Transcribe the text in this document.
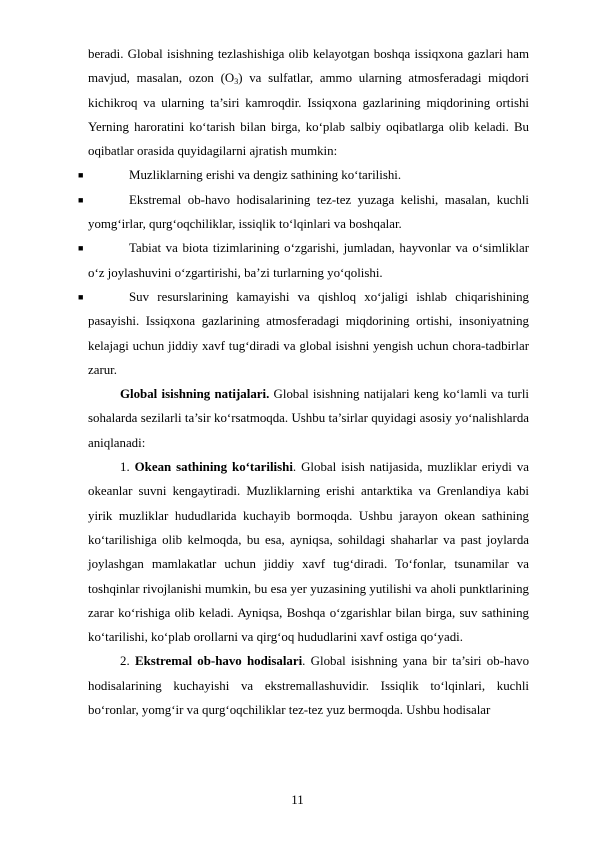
beradi. Global isishning tezlashishiga olib kelayotgan boshqa issiqxona gazlari ham mavjud, masalan, ozon $(O_3)$ va sulfatlar, ammo ularning atmosferadagi miqdori kichikroq va ularning ta’siri kamroqdir. Issiqxona gazlarining miqdorining ortishi Yerning haroratini ko‘tarish bilan birga, ko‘plab salbiy oqibatlarga olib keladi. Bu oqibatlar orasida quyidagilarni ajratish mumkin:

■	Muzliklarning erishi va dengiz sathining ko‘tarilishi.

■	Ekstremal ob-havo hodisalarining tez-tez yuzaga kelishi, masalan, kuchli yomg‘irlar, qurg‘oqchiliklar, issiqlik to‘lqinlari va boshqalar.

■	Tabiat va biota tizimlarining o‘zgarishi, jumladan, hayvonlar va o‘simliklar o‘z joylashuvini o‘zgartirishi, ba’zi turlarning yo‘qolishi.

■	Suv resurslarining kamayishi va qishloq xo‘jaligi ishlab chiqarishining pasayishi. Issiqxona gazlarining atmosferadagi miqdorining ortishi, insoniyatning kelajagi uchun jiddiy xavf tug‘diradi va global isishni yengish uchun chora-tadbirlar zarur.

Global isishning natijalari. Global isishning natijalari keng ko‘lamli va turli sohalarda sezilarli ta’sir ko‘rsatmoqda. Ushbu ta’sirlar quyidagi asosiy yo‘nalishlarda aniqlanadi:

1. Okean sathining ko‘tarilishi. Global isish natijasida, muzliklar eriydi va okeanlar suvni kengaytiradi. Muzliklarning erishi antarktika va Grenlandiya kabi yirik muzliklar hududlarida kuchayib bormoqda. Ushbu jarayon okean sathining ko‘tarilishiga olib kelmoqda, bu esa, ayniqsa, sohildagi shaharlar va past joylarda joylashgan mamlakatlar uchun jiddiy xavf tug‘diradi. To‘fonlar, tsunamilar va toshqinlar rivojlanishi mumkin, bu esa yer yuzasining yutilishi va aholi punktlarining zarar ko‘rishiga olib keladi. Ayniqsa, Boshqa o‘zgarishlar bilan birga, suv sathining ko‘tarilishi, ko‘plab orollarni va qirg‘oq hududlarini xavf ostiga qo‘yadi.

2. Ekstremal ob-havo hodisalari. Global isishning yana bir ta’siri ob-havo hodisalarining kuchayishi va ekstremallashuvidir. Issiqlik to‘lqinlari, kuchli bo‘ronlar, yomg‘ir va qurg‘oqchiliklar tez-tez yuz bermoqda. Ushbu hodisalar

11
